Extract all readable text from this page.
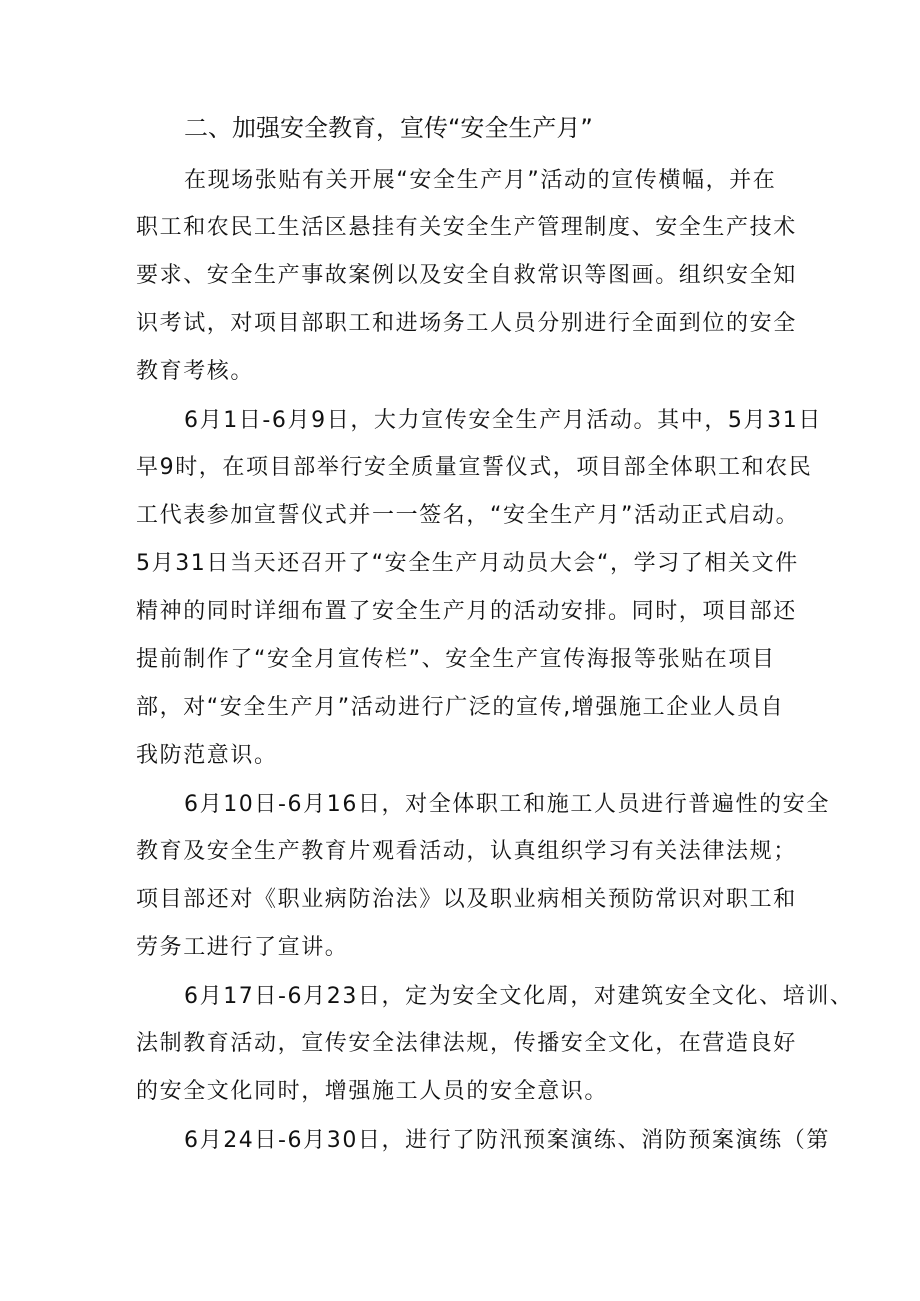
二、加强安全教育，宣传“安全生产月”
在现场张贴有关开展“安全生产月”活动的宣传横幅，并在
职工和农民工生活区悬挂有关安全生产管理制度、安全生产技术
要求、安全生产事故案例以及安全自救常识等图画。组织安全知
识考试，对项目部职工和进场务工人员分别进行全面到位的安全
教育考核。
6月1日-6月9日，大力宣传安全生产月活动。其中，5月31日
早9时，在项目部举行安全质量宣誓仪式，项目部全体职工和农民
工代表参加宣誓仪式并一一签名，“安全生产月”活动正式启动。
5月31日当天还召开了“安全生产月动员大会“，学习了相关文件
精神的同时详细布置了安全生产月的活动安排。同时，项目部还
提前制作了“安全月宣传栏”、安全生产宣传海报等张贴在项目
部，对“安全生产月”活动进行广泛的宣传,增强施工企业人员自
我防范意识。
6月10日-6月16日，对全体职工和施工人员进行普遍性的安全
教育及安全生产教育片观看活动，认真组织学习有关法律法规；
项目部还对《职业病防治法》以及职业病相关预防常识对职工和
劳务工进行了宣讲。
6月17日-6月23日，定为安全文化周，对建筑安全文化、培训、
法制教育活动，宣传安全法律法规，传播安全文化，在营造良好
的安全文化同时，增强施工人员的安全意识。
6月24日-6月30日，进行了防汛预案演练、消防预案演练（第
